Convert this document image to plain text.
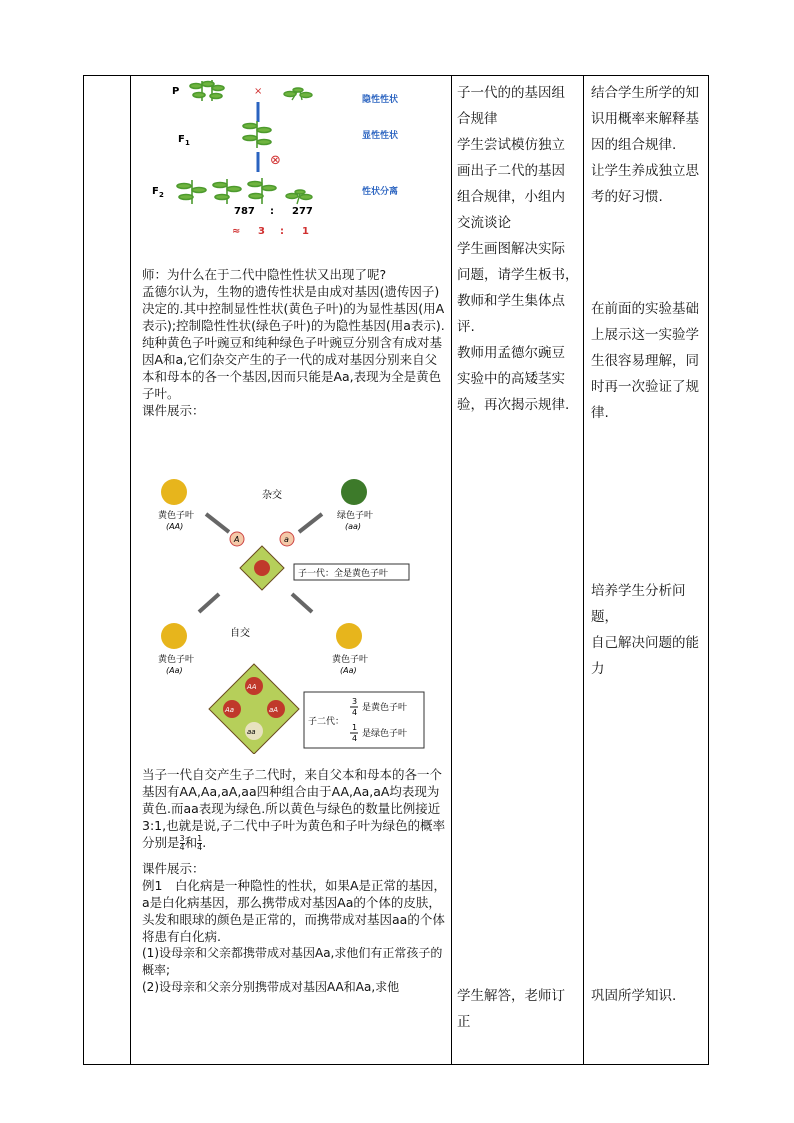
P
F 1
F 2
×
⊗
隐性性状
显性性状
性状分离
787 : 277
≈ 3 : 1

师：为什么在于二代中隐性性状又出现了呢?

孟德尔认为，生物的遗传性状是由成对基因(遗传因子)决定的.其中控制显性性状(黄色子叶)的为显性基因(用A表示);控制隐性性状(绿色子叶)的为隐性基因(用a表示).纯种黄色子叶豌豆和纯种绿色子叶豌豆分别含有成对基因A和a,它们杂交产生的子一代的成对基因分别来自父本和母本的各一个基因,因而只能是Aa,表现为全是黄色子叶。

课件展示：

杂交
黄色子叶
(AA)
绿色子叶
(aa)
A	a
子一代：全是黄色子叶
自交
黄色子叶
(Aa)
黄色子叶
(Aa)
AA
Aa	aA
aa
子二代：
3
4 是黄色子叶
1
4 是绿色子叶

当子一代自交产生子二代时，来自父本和母本的各一个基因有AA,Aa,aA,aa四种组合由于AA,Aa,aA均表现为黄色.而aa表现为绿色.所以黄色与绿色的数量比例接近3:1,也就是说,子二代中子叶为黄色和子叶为绿色的概率分别是 $\frac{3}{4}$ 和 $\frac{1}{4}$ .

课件展示：

例1　白化病是一种隐性的性状，如果A是正常的基因，a是白化病基因，那么携带成对基因Aa的个体的皮肤，头发和眼球的颜色是正常的，而携带成对基因aa的个体将患有白化病.

(1)设母亲和父亲都携带成对基因Aa,求他们有正常孩子的概率;

(2)设母亲和父亲分别携带成对基因AA和Aa,求他

子一代的的基因组

合规律

学生尝试模仿独立

画出子二代的基因

组合规律，小组内

交流谈论

学生画图解决实际

问题，请学生板书，

教师和学生集体点

评.

教师用孟德尔豌豆

实验中的高矮茎实

验，再次揭示规律.

学生解答，老师订

正

结合学生所学的知

识用概率来解释基

因的组合规律.

让学生养成独立思

考的好习惯.

在前面的实验基础

上展示这一实验学

生很容易理解，同

时再一次验证了规

律.

培养学生分析问题，

自己解决问题的能

力

巩固所学知识.
